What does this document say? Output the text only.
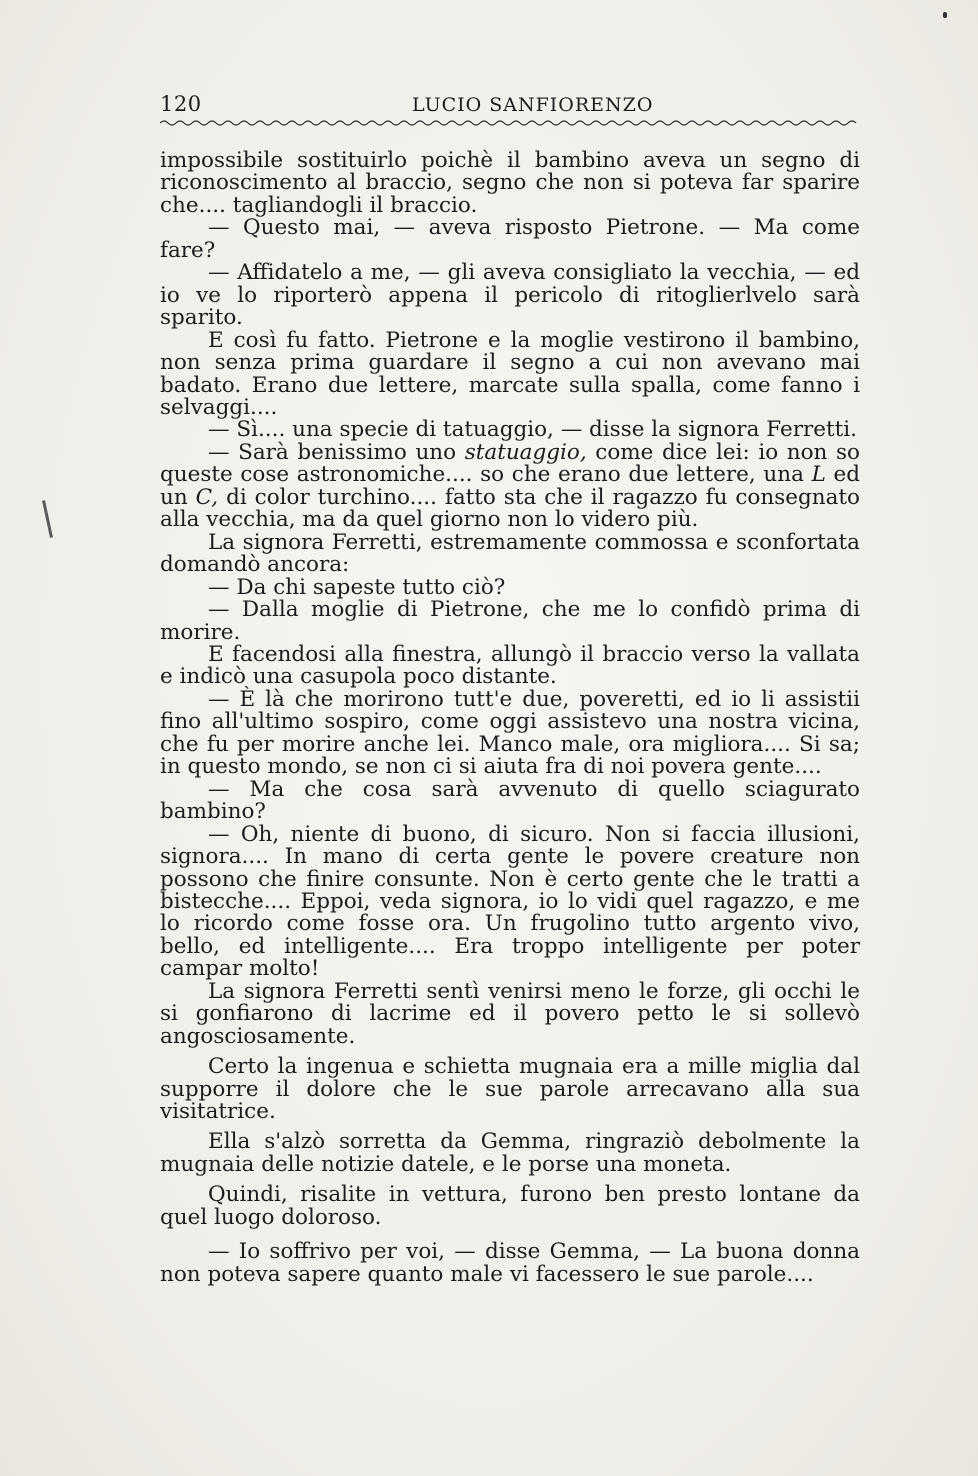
120	LUCIO SANFIORENZO

impossibile sostituirlo poichè il bambino aveva un segno di riconoscimento al braccio, segno che non si poteva far sparire che.... tagliandogli il braccio.

— Questo mai, — aveva risposto Pietrone. — Ma come fare?

— Affidatelo a me, — gli aveva consigliato la vecchia, — ed io ve lo riporterò appena il pericolo di ritoglierlvelo sarà sparito.

E così fu fatto. Pietrone e la moglie vestirono il bambino, non senza prima guardare il segno a cui non avevano mai badato. Erano due lettere, marcate sulla spalla, come fanno i selvaggi....

— Sì.... una specie di tatuaggio, — disse la signora Ferretti.

— Sarà benissimo uno statuaggio, come dice lei: io non so queste cose astronomiche.... so che erano due lettere, una L ed un C, di color turchino.... fatto sta che il ragazzo fu consegnato alla vecchia, ma da quel giorno non lo videro più.

La signora Ferretti, estremamente commossa e sconfortata domandò ancora:

— Da chi sapeste tutto ciò?

— Dalla moglie di Pietrone, che me lo confidò prima di morire.

E facendosi alla finestra, allungò il braccio verso la vallata e indicò una casupola poco distante.

— È là che morirono tutt'e due, poveretti, ed io li assistii fino all'ultimo sospiro, come oggi assistevo una nostra vicina, che fu per morire anche lei. Manco male, ora migliora.... Si sa; in questo mondo, se non ci si aiuta fra di noi povera gente....

— Ma che cosa sarà avvenuto di quello sciagurato bambino?

— Oh, niente di buono, di sicuro. Non si faccia illusioni, signora.... In mano di certa gente le povere creature non possono che finire consunte. Non è certo gente che le tratti a bistecche.... Eppoi, veda signora, io lo vidi quel ragazzo, e me lo ricordo come fosse ora. Un frugolino tutto argento vivo, bello, ed intelligente.... Era troppo intelligente per poter campar molto!

La signora Ferretti sentì venirsi meno le forze, gli occhi le si gonfiarono di lacrime ed il povero petto le si sollevò angosciosamente.

Certo la ingenua e schietta mugnaia era a mille miglia dal supporre il dolore che le sue parole arrecavano alla sua visitatrice.

Ella s'alzò sorretta da Gemma, ringraziò debolmente la mugnaia delle notizie datele, e le porse una moneta.

Quindi, risalite in vettura, furono ben presto lontane da quel luogo doloroso.

— Io soffrivo per voi, — disse Gemma, — La buona donna non poteva sapere quanto male vi facessero le sue parole....
